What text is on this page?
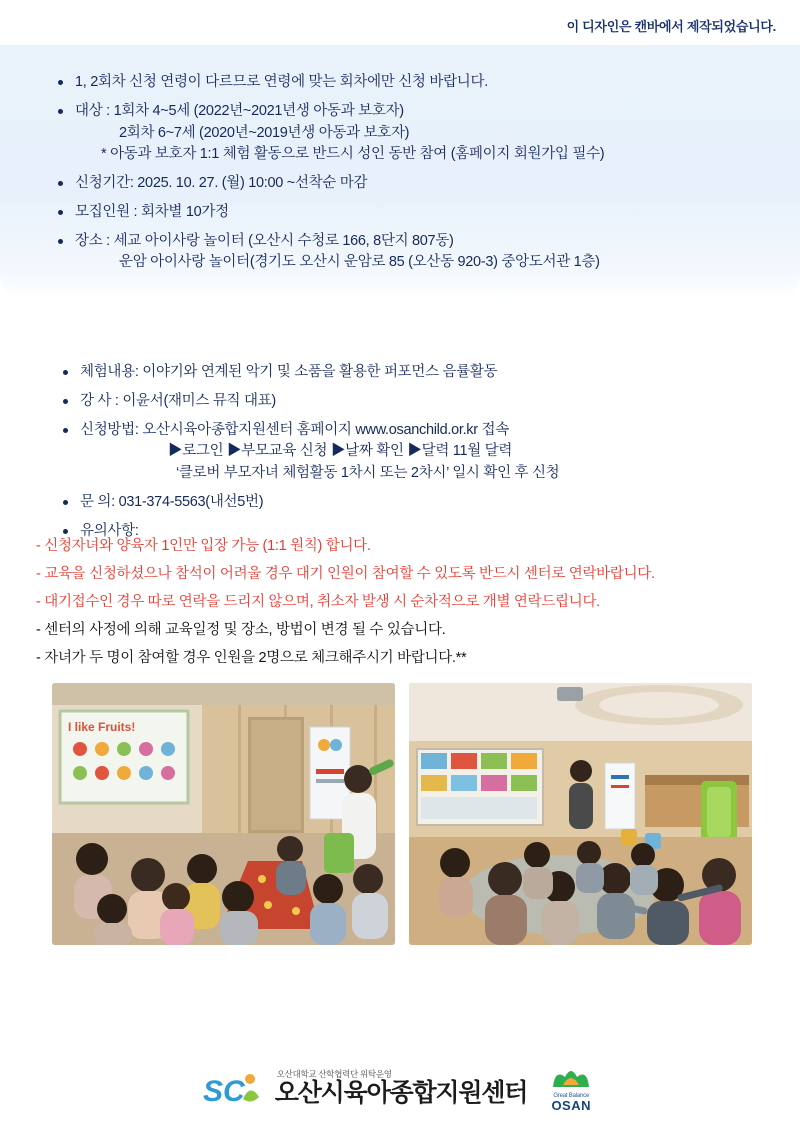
이 디자인은 캔바에서 제작되었습니다.
1, 2회차 신청 연령이 다르므로 연령에 맞는 회차에만 신청 바랍니다.
대상 : 1회차 4~5세 (2022년~2021년생 아동과 보호자)
2회차 6~7세 (2020년~2019년생 아동과 보호자)
* 아동과 보호자 1:1 체험 활동으로 반드시 성인 동반 참여 (홈페이지 회원가입 필수)
신청기간: 2025. 10. 27. (월) 10:00 ~선착순 마감
모집인원 : 회차별 10가정
장소 : 세교 아이사랑 놀이터 (오산시 수청로 166, 8단지 807동)
운암 아이사랑 놀이터(경기도 오산시 운암로 85 (오산동 920-3) 중앙도서관 1층)
체험내용: 이야기와 연계된 악기 및 소품을 활용한 퍼포먼스 음률활동
강 사 : 이윤서(재미스 뮤직 대표)
신청방법: 오산시육아종합지원센터 홈페이지 www.osanchild.or.kr 접속
▶로그인 ▶부모교육 신청 ▶날짜 확인 ▶달력 11월 달력
‘클로버 부모자녀 체험활동 1차시 또는 2차시’ 일시 확인 후 신청
문 의: 031-374-5563(내선5번)
유의사항:

- 신청자녀와 양육자 1인만 입장 가능 (1:1 원칙) 합니다.

- 교육을 신청하셨으나 참석이 어려울 경우 대기 인원이 참여할 수 있도록 반드시 센터로 연락바랍니다.

- 대기접수인 경우 따로 연락을 드리지 않으며, 취소자 발생 시 순차적으로 개별 연락드립니다.

- 센터의 사정에 의해 교육일정 및 장소, 방법이 변경 될 수 있습니다.

- 자녀가 두 명이 참여할 경우 인원을 2명으로 체크해주시기 바랍니다.**

I like Fruits!
SC
오산대학교 산학협력단 위탁운영
오산시육아종합지원센터	Great Balance
OSAN
